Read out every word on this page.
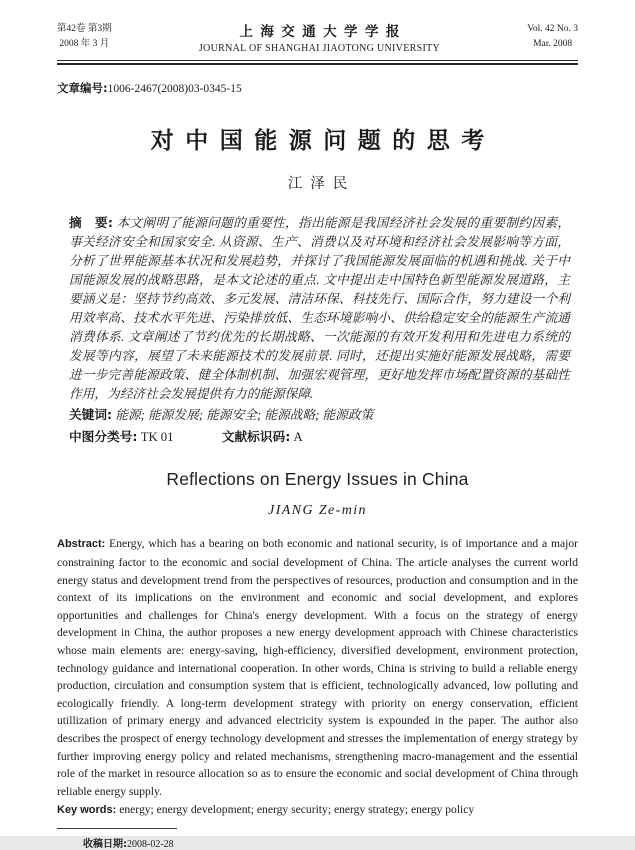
第42卷 第3期
2008 年 3 月
上海交通大学学报
JOURNAL OF SHANGHAI JIAOTONG UNIVERSITY
Vol. 42 No. 3
Mar. 2008
文章编号:1006-2467(2008)03-0345-15
对中国能源问题的思考
江泽民
摘　要: 本文阐明了能源问题的重要性，指出能源是我国经济社会发展的重要制约因素，事关经济安全和国家安全. 从资源、生产、消费以及对环境和经济社会发展影响等方面，分析了世界能源基本状况和发展趋势，并探讨了我国能源发展面临的机遇和挑战. 关于中国能源发展的战略思路，是本文论述的重点. 文中提出走中国特色新型能源发展道路，主要涵义是：坚持节约高效、多元发展、清洁环保、科技先行、国际合作，努力建设一个利用效率高、技术水平先进、污染排放低、生态环境影响小、供给稳定安全的能源生产流通消费体系. 文章阐述了节约优先的长期战略、一次能源的有效开发利用和先进电力系统的发展等内容，展望了未来能源技术的发展前景. 同时，还提出实施好能源发展战略，需要进一步完善能源政策、健全体制机制、加强宏观管理，更好地发挥市场配置资源的基础性作用，为经济社会发展提供有力的能源保障.
关键词: 能源; 能源发展; 能源安全; 能源战略; 能源政策
中图分类号: TK 01	文献标识码: A
Reflections on Energy Issues in China
JIANG Ze-min

Abstract: Energy, which has a bearing on both economic and national security, is of importance and a major constraining factor to the economic and social development of China. The article analyses the current world energy status and development trend from the perspectives of resources, production and consumption and in the context of its implications on the environment and economic and social development, and explores opportunities and challenges for China's energy development. With a focus on the strategy of energy development in China, the author proposes a new energy development approach with Chinese characteristics whose main elements are: energy-saving, high-efficiency, diversified development, environment protection, technology guidance and international cooperation. In other words, China is striving to build a reliable energy production, circulation and consumption system that is efficient, technologically advanced, low polluting and ecologically friendly. A long-term development strategy with priority on energy conservation, efficient utillization of primary energy and advanced electricity system is expounded in the paper. The author also describes the prospect of energy technology development and stresses the implementation of energy strategy by further improving energy policy and related mechanisms, strengthening macro-management and the essential role of the market in resource allocation so as to ensure the economic and social development of China through reliable energy supply.

Key words: energy; energy development; energy security; energy strategy; energy policy

收稿日期:2008-02-28
